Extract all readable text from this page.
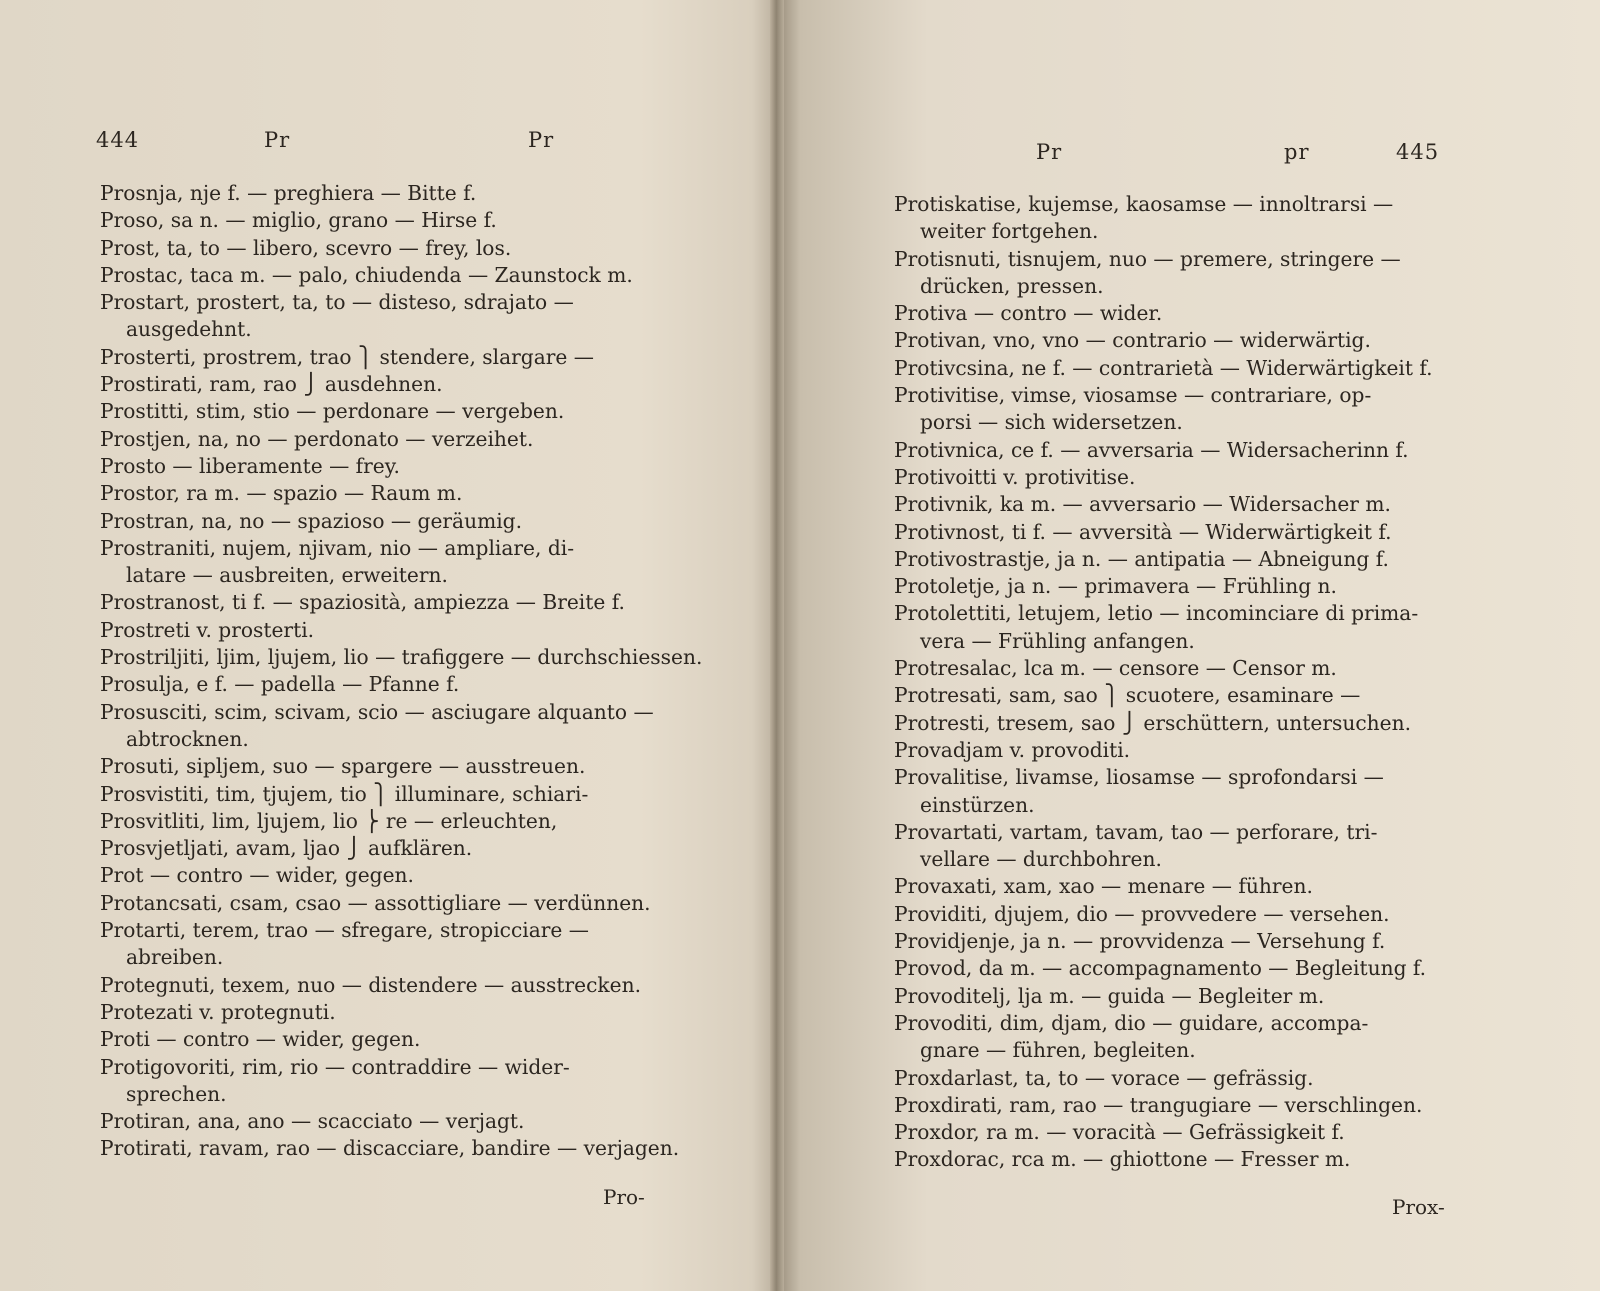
444	Pr	Pr

Prosnja, nje f. — preghiera — Bitte f.

Proso, sa n. — miglio, grano — Hirse f.

Prost, ta, to — libero, scevro — frey, los.

Prostac, taca m. — palo, chiudenda — Zaunstock m.

Prostart, prostert, ta, to — disteso, sdrajato —

ausgedehnt.

Prosterti, prostrem, trao ⎫ stendere, slargare —

Prostirati, ram, rao ⎭ ausdehnen.

Prostitti, stim, stio — perdonare — vergeben.

Prostjen, na, no — perdonato — verzeihet.

Prosto — liberamente — frey.

Prostor, ra m. — spazio — Raum m.

Prostran, na, no — spazioso — geräumig.

Prostraniti, nujem, njivam, nio — ampliare, di-

latare — ausbreiten, erweitern.

Prostranost, ti f. — spaziosità, ampiezza — Breite f.

Prostreti v. prosterti.

Prostriljiti, ljim, ljujem, lio — trafiggere — durchschiessen.

Prosulja, e f. — padella — Pfanne f.

Prosusciti, scim, scivam, scio — asciugare alquanto —

abtrocknen.

Prosuti, sipljem, suo — spargere — ausstreuen.

Prosvistiti, tim, tjujem, tio ⎫ illuminare, schiari-

Prosvitliti, lim, ljujem, lio ⎬ re — erleuchten,

Prosvjetljati, avam, ljao ⎭ aufklären.

Prot — contro — wider, gegen.

Protancsati, csam, csao — assottigliare — verdünnen.

Protarti, terem, trao — sfregare, stropicciare —

abreiben.

Protegnuti, texem, nuo — distendere — ausstrecken.

Protezati v. protegnuti.

Proti — contro — wider, gegen.

Protigovoriti, rim, rio — contraddire — wider-

sprechen.

Protiran, ana, ano — scacciato — verjagt.

Protirati, ravam, rao — discacciare, bandire — verjagen.

Pro-
Pr	pr	445

Protiskatise, kujemse, kaosamse — innoltrarsi —

weiter fortgehen.

Protisnuti, tisnujem, nuo — premere, stringere —

drücken, pressen.

Protiva — contro — wider.

Protivan, vno, vno — contrario — widerwärtig.

Protivcsina, ne f. — contrarietà — Widerwärtigkeit f.

Protivitise, vimse, viosamse — contrariare, op-

porsi — sich widersetzen.

Protivnica, ce f. — avversaria — Widersacherinn f.

Protivoitti v. protivitise.

Protivnik, ka m. — avversario — Widersacher m.

Protivnost, ti f. — avversità — Widerwärtigkeit f.

Protivostrastje, ja n. — antipatia — Abneigung f.

Protoletje, ja n. — primavera — Frühling n.

Protolettiti, letujem, letio — incominciare di prima-

vera — Frühling anfangen.

Protresalac, lca m. — censore — Censor m.

Protresati, sam, sao ⎫ scuotere, esaminare —

Protresti, tresem, sao ⎭ erschüttern, untersuchen.

Provadjam v. provoditi.

Provalitise, livamse, liosamse — sprofondarsi —

einstürzen.

Provartati, vartam, tavam, tao — perforare, tri-

vellare — durchbohren.

Provaxati, xam, xao — menare — führen.

Providiti, djujem, dio — provvedere — versehen.

Providjenje, ja n. — provvidenza — Versehung f.

Provod, da m. — accompagnamento — Begleitung f.

Provoditelj, lja m. — guida — Begleiter m.

Provoditi, dim, djam, dio — guidare, accompa-

gnare — führen, begleiten.

Proxdarlast, ta, to — vorace — gefrässig.

Proxdirati, ram, rao — trangugiare — verschlingen.

Proxdor, ra m. — voracità — Gefrässigkeit f.

Proxdorac, rca m. — ghiottone — Fresser m.

Prox-
